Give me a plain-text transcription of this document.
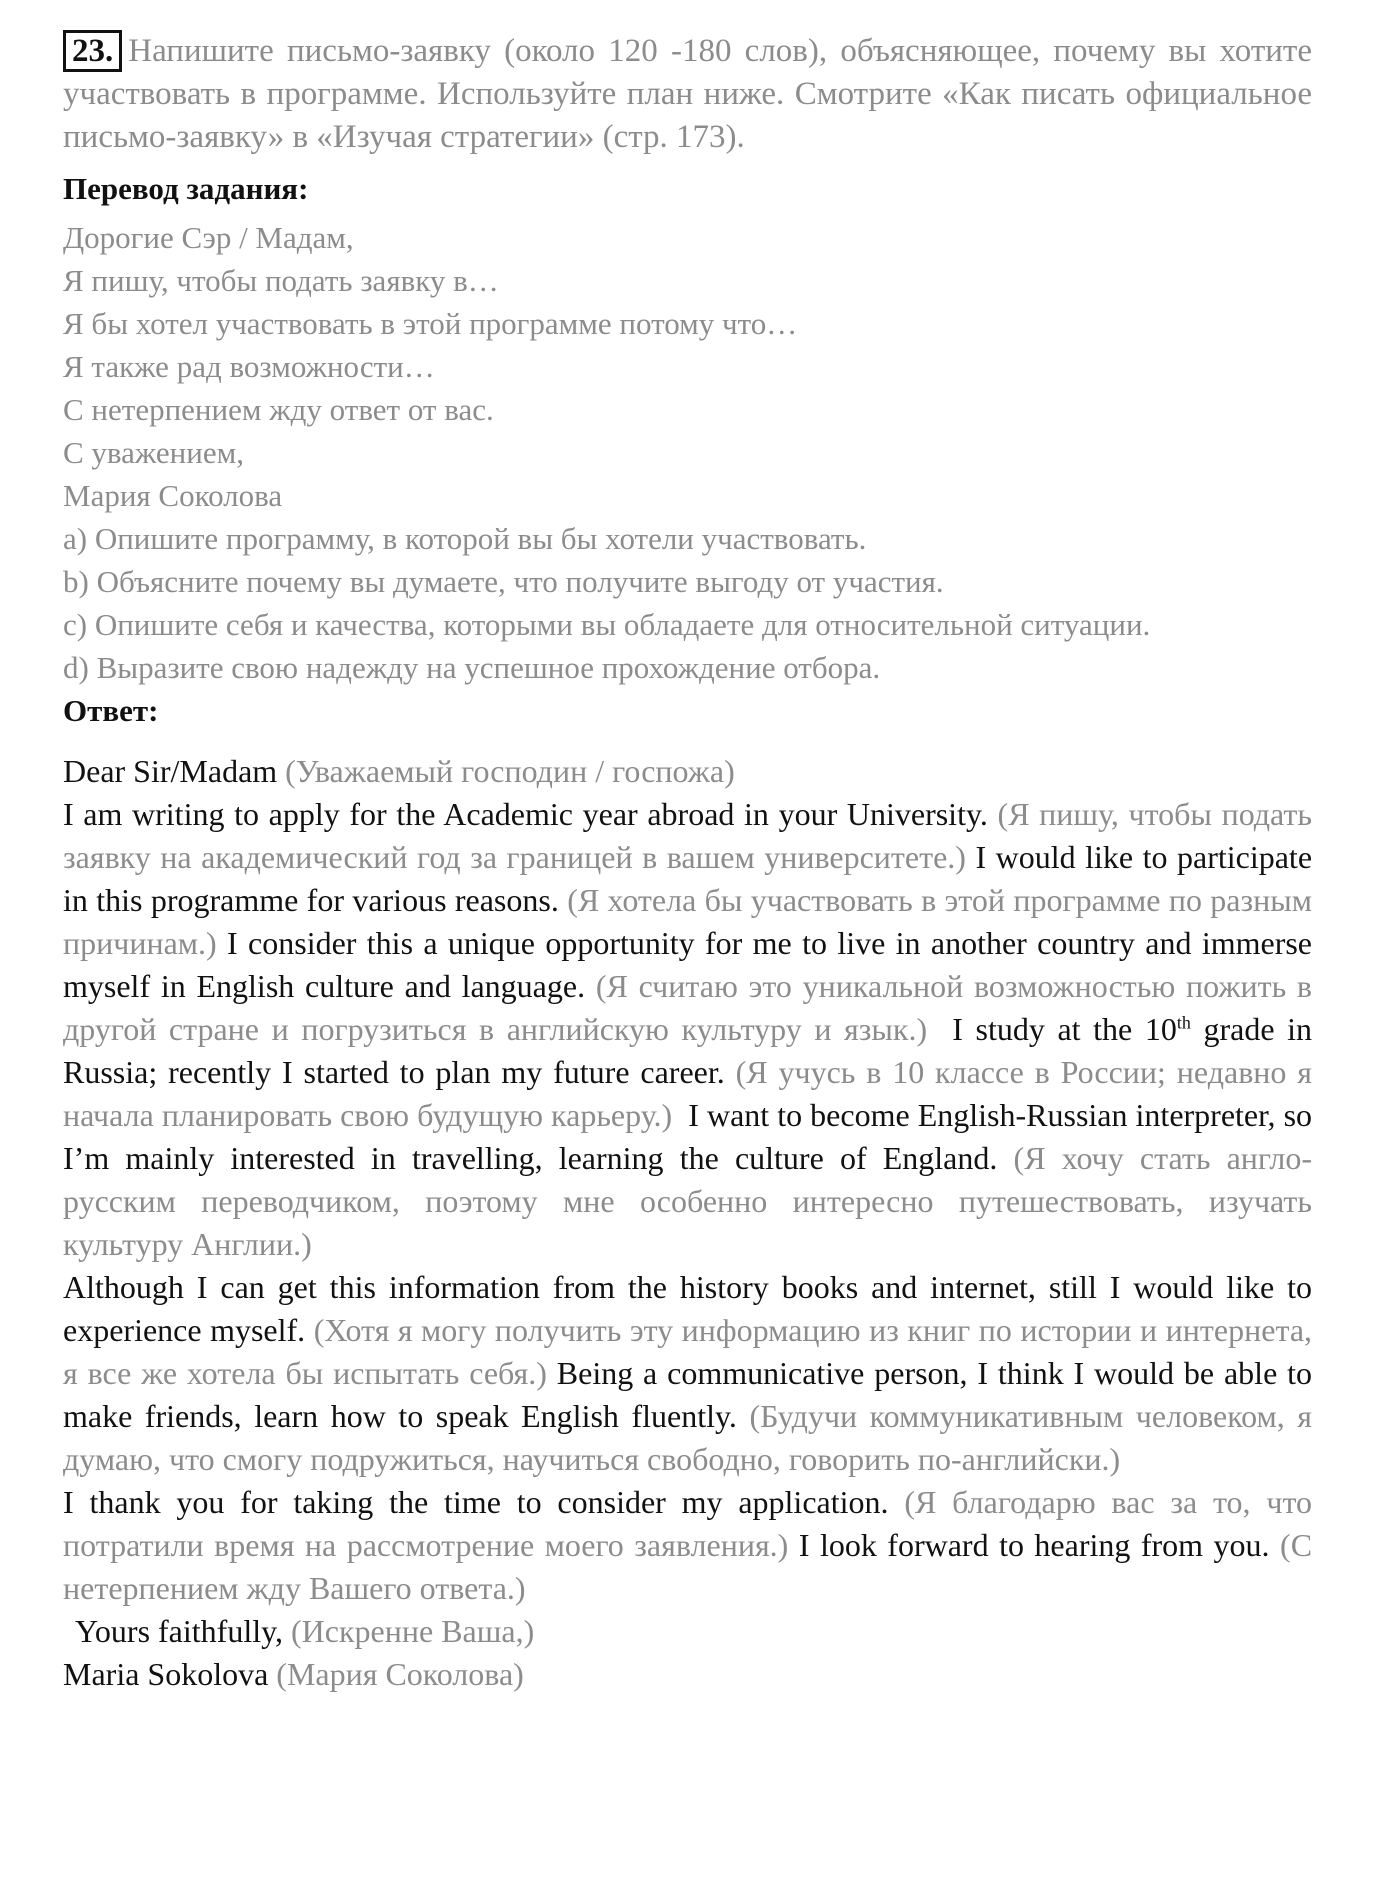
23. Напишите письмо-заявку (около 120 -180 слов), объясняющее, почему вы хотите участвовать в программе. Используйте план ниже. Смотрите «Как писать официальное письмо-заявку» в «Изучая стратегии» (стр. 173).
Перевод задания:
Дорогие Сэр / Мадам,
Я пишу, чтобы подать заявку в…
Я бы хотел участвовать в этой программе потому что…
Я также рад возможности…
С нетерпением жду ответ от вас.
С уважением,
Мария Соколова
a) Опишите программу, в которой вы бы хотели участвовать.
b) Объясните почему вы думаете, что получите выгоду от участия.
c) Опишите себя и качества, которыми вы обладаете для относительной ситуации.
d) Выразите свою надежду на успешное прохождение отбора.
Ответ:
Dear Sir/Madam (Уважаемый господин / госпожа)
I am writing to apply for the Academic year abroad in your University. (Я пишу, чтобы подать заявку на академический год за границей в вашем университете.) I would like to participate in this programme for various reasons. (Я хотела бы участвовать в этой программе по разным причинам.) I consider this a unique opportunity for me to live in another country and immerse myself in English culture and language. (Я считаю это уникальной возможностью пожить в другой стране и погрузиться в английскую культуру и язык.) I study at the 10th grade in Russia; recently I started to plan my future career. (Я учусь в 10 классе в России; недавно я начала планировать свою будущую карьеру.) I want to become English-Russian interpreter, so I’m mainly interested in travelling, learning the culture of England. (Я хочу стать англо-русским переводчиком, поэтому мне особенно интересно путешествовать, изучать культуру Англии.)
Although I can get this information from the history books and internet, still I would like to experience myself. (Хотя я могу получить эту информацию из книг по истории и интернета, я все же хотела бы испытать себя.) Being a communicative person, I think I would be able to make friends, learn how to speak English fluently. (Будучи коммуникативным человеком, я думаю, что смогу подружиться, научиться свободно, говорить по-английски.)
I thank you for taking the time to consider my application. (Я благодарю вас за то, что потратили время на рассмотрение моего заявления.) I look forward to hearing from you. (С нетерпением жду Вашего ответа.)
Yours faithfully, (Искренне Ваша,)
Maria Sokolova (Мария Соколова)
